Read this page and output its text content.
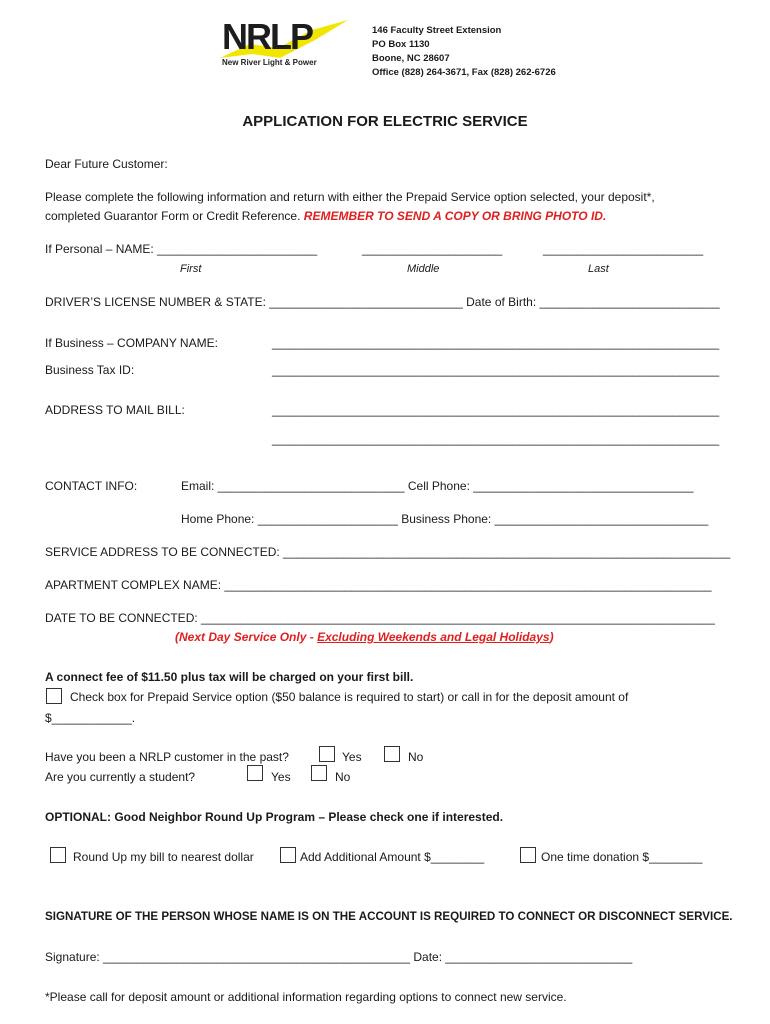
NRLP
New River Light & Power
146 Faculty Street Extension
PO Box 1130
Boone, NC 28607
Office (828) 264-3671, Fax (828) 262-6726
APPLICATION FOR ELECTRIC SERVICE
Dear Future Customer:
Please complete the following information and return with either the Prepaid Service option selected, your deposit*,
completed Guarantor Form or Credit Reference. REMEMBER TO SEND A COPY OR BRING PHOTO ID.
If Personal – NAME: ________________________	_____________________	________________________
First	Middle	Last
DRIVER’S LICENSE NUMBER & STATE: _____________________________ Date of Birth: ___________________________
If Business – COMPANY NAME:	___________________________________________________________________
Business Tax ID:	___________________________________________________________________
ADDRESS TO MAIL BILL:	___________________________________________________________________
___________________________________________________________________
CONTACT INFO:	Email: ____________________________ Cell Phone: _________________________________
Home Phone: _____________________ Business Phone: ________________________________
SERVICE ADDRESS TO BE CONNECTED: ___________________________________________________________________
APARTMENT COMPLEX NAME: _________________________________________________________________________
DATE TO BE CONNECTED: _____________________________________________________________________________
(Next Day Service Only - Excluding Weekends and Legal Holidays)
A connect fee of $11.50 plus tax will be charged on your first bill.
Check box for Prepaid Service option ($50 balance is required to start) or call in for the deposit amount of
$____________.
Have you been a NRLP customer in the past?	Yes	No
Are you currently a student?	Yes	No
OPTIONAL: Good Neighbor Round Up Program – Please check one if interested.
Round Up my bill to nearest dollar	Add Additional Amount $________	One time donation $________
SIGNATURE OF THE PERSON WHOSE NAME IS ON THE ACCOUNT IS REQUIRED TO CONNECT OR DISCONNECT SERVICE.
Signature: ______________________________________________ Date: ____________________________
*Please call for deposit amount or additional information regarding options to connect new service.
